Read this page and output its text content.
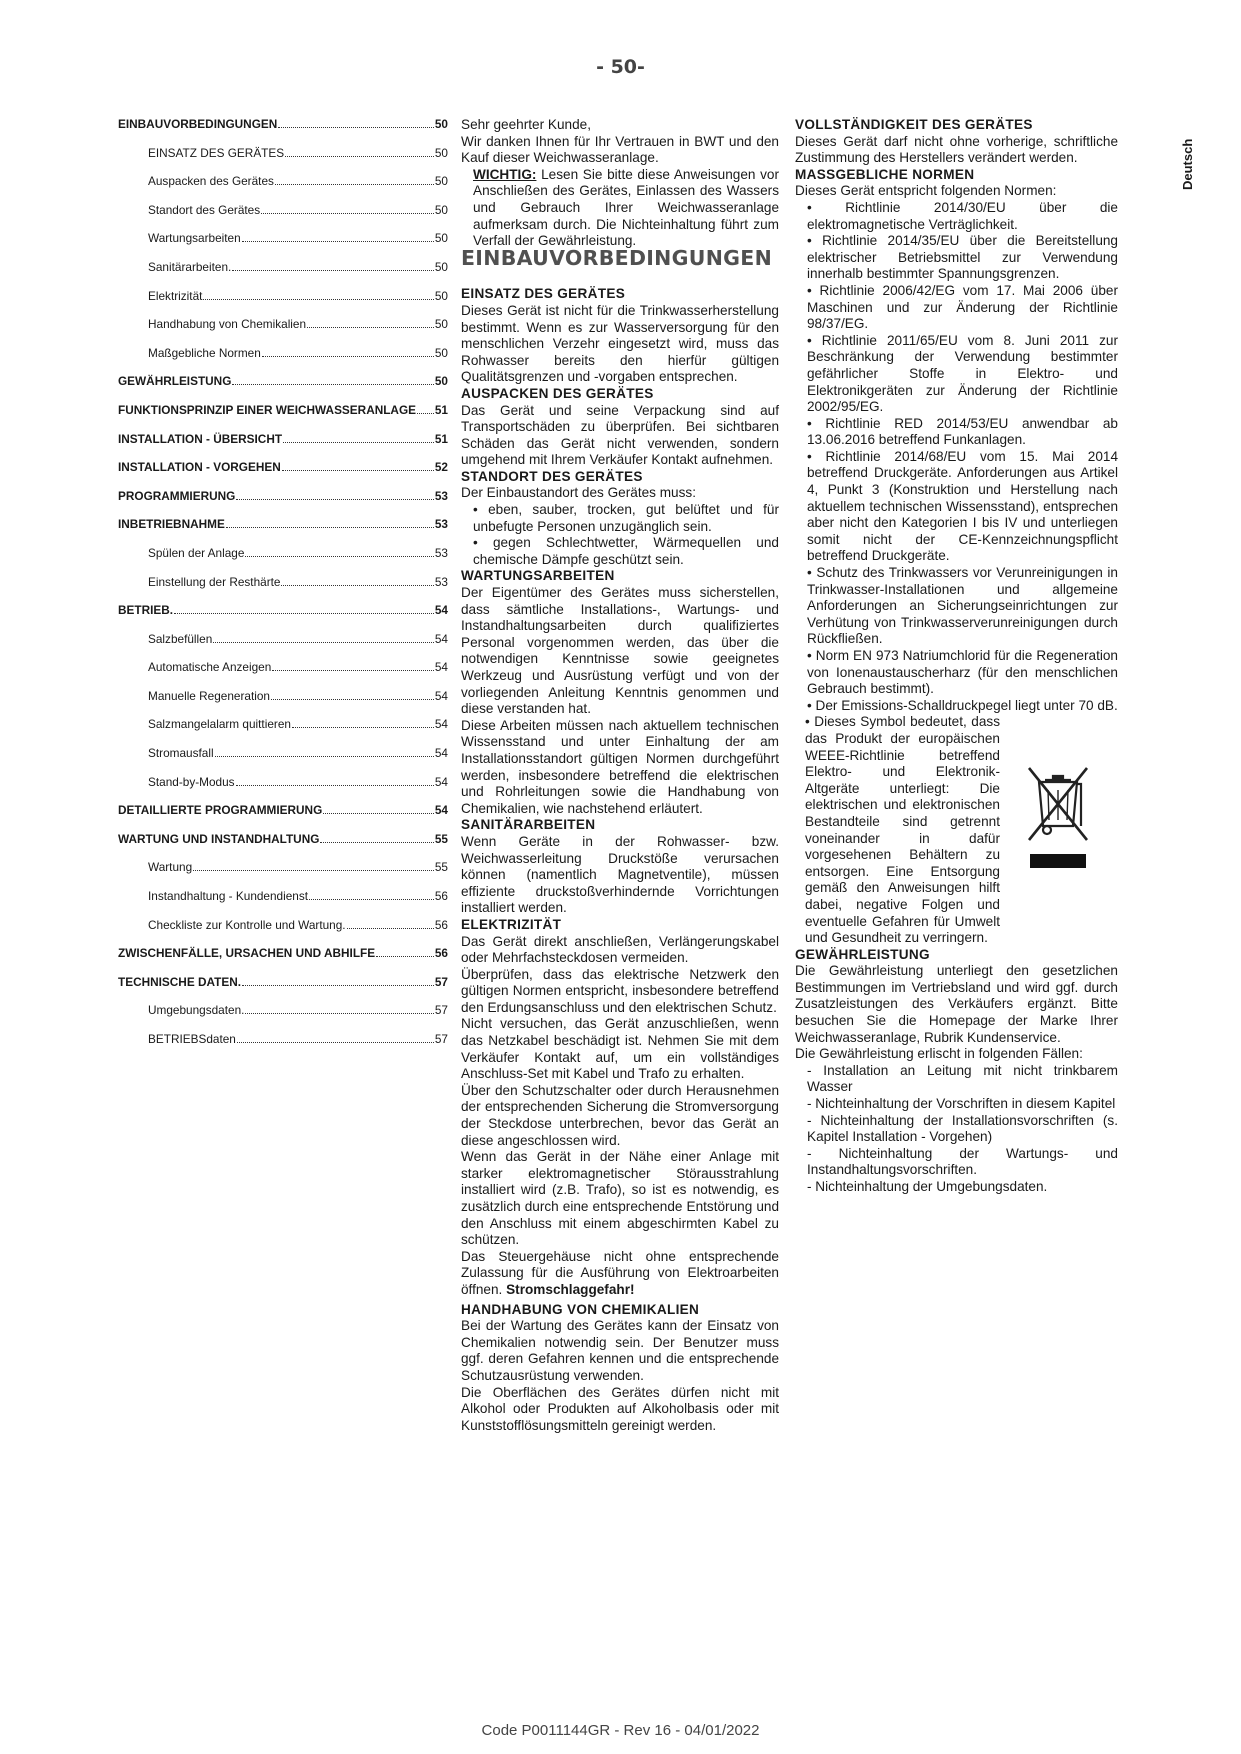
- 50-
Deutsch
EINBAUVORBEDINGUNGEN	50
EINSATZ DES GERÄTES	50
Auspacken des Gerätes	50
Standort des Gerätes	50
Wartungsarbeiten	50
Sanitärarbeiten.	50
Elektrizität	50
Handhabung von Chemikalien	50
Maßgebliche Normen	50
GEWÄHRLEISTUNG	50
FUNKTIONSPRINZIP EINER WEICHWASSERANLAGE 51
INSTALLATION - ÜBERSICHT	51
INSTALLATION - VORGEHEN	52
PROGRAMMIERUNG	53
INBETRIEBNAHME	53
Spülen der Anlage	53
Einstellung der Resthärte	53
BETRIEB.	54
Salzbefüllen	54
Automatische Anzeigen	54
Manuelle Regeneration	54
Salzmangelalarm quittieren	54
Stromausfall	54
Stand-by-Modus	54
DETAILLIERTE PROGRAMMIERUNG	54
WARTUNG UND INSTANDHALTUNG	55
Wartung	55
Instandhaltung - Kundendienst	56
Checkliste zur Kontrolle und Wartung.	56
ZWISCHENFÄLLE, URSACHEN UND ABHILFE	56
TECHNISCHE DATEN.	57
Umgebungsdaten.	57
BETRIEBSdaten	57

Sehr geehrter Kunde,

Wir danken Ihnen für Ihr Vertrauen in BWT und den Kauf dieser Weichwasseranlage.

WICHTIG: Lesen Sie bitte diese Anweisungen vor Anschließen des Gerätes, Einlassen des Wassers und Gebrauch Ihrer Weichwasseranlage aufmerksam durch. Die Nichteinhaltung führt zum Verfall der Gewährleistung.

EINBAUVORBEDINGUNGEN

EINSATZ DES GERÄTES

Dieses Gerät ist nicht für die Trinkwasserherstellung bestimmt. Wenn es zur Wasserversorgung für den menschlichen Verzehr eingesetzt wird, muss das Rohwasser bereits den hierfür gültigen Qualitätsgrenzen und -vorgaben entsprechen.

AUSPACKEN DES GERÄTES

Das Gerät und seine Verpackung sind auf Transportschäden zu überprüfen. Bei sichtbaren Schäden das Gerät nicht verwenden, sondern umgehend mit Ihrem Verkäufer Kontakt aufnehmen.

STANDORT DES GERÄTES

Der Einbaustandort des Gerätes muss:

• eben, sauber, trocken, gut belüftet und für unbefugte Personen unzugänglich sein.

• gegen Schlechtwetter, Wärmequellen und chemische Dämpfe geschützt sein.

WARTUNGSARBEITEN

Der Eigentümer des Gerätes muss sicherstellen, dass sämtliche Installations-, Wartungs- und Instandhaltungsarbeiten durch qualifiziertes Personal vorgenommen werden, das über die notwendigen Kenntnisse sowie geeignetes Werkzeug und Ausrüstung verfügt und von der vorliegenden Anleitung Kenntnis genommen und diese verstanden hat.

Diese Arbeiten müssen nach aktuellem technischen Wissensstand und unter Einhaltung der am Installationsstandort gültigen Normen durchgeführt werden, insbesondere betreffend die elektrischen und Rohrleitungen sowie die Handhabung von Chemikalien, wie nachstehend erläutert.

SANITÄRARBEITEN

Wenn Geräte in der Rohwasser- bzw. Weichwasserleitung Druckstöße verursachen können (namentlich Magnetventile), müssen effiziente druckstoßverhindernde Vorrichtungen installiert werden.

ELEKTRIZITÄT

Das Gerät direkt anschließen, Verlängerungskabel oder Mehrfachsteckdosen vermeiden.

Überprüfen, dass das elektrische Netzwerk den gültigen Normen entspricht, insbesondere betreffend den Erdungsanschluss und den elektrischen Schutz.

Nicht versuchen, das Gerät anzuschließen, wenn das Netzkabel beschädigt ist. Nehmen Sie mit dem Verkäufer Kontakt auf, um ein vollständiges Anschluss-Set mit Kabel und Trafo zu erhalten.

Über den Schutzschalter oder durch Herausnehmen der entsprechenden Sicherung die Stromversorgung der Steckdose unterbrechen, bevor das Gerät an diese angeschlossen wird.

Wenn das Gerät in der Nähe einer Anlage mit starker elektromagnetischer Störausstrahlung installiert wird (z.B. Trafo), so ist es notwendig, es zusätzlich durch eine entsprechende Entstörung und den Anschluss mit einem abgeschirmten Kabel zu schützen.

Das Steuergehäuse nicht ohne entsprechende Zulassung für die Ausführung von Elektroarbeiten öffnen. Stromschlaggefahr!

HANDHABUNG VON CHEMIKALIEN

Bei der Wartung des Gerätes kann der Einsatz von Chemikalien notwendig sein. Der Benutzer muss ggf. deren Gefahren kennen und die entsprechende Schutzausrüstung verwenden.

Die Oberflächen des Gerätes dürfen nicht mit Alkohol oder Produkten auf Alkoholbasis oder mit Kunststofflösungsmitteln gereinigt werden.

VOLLSTÄNDIGKEIT DES GERÄTES

Dieses Gerät darf nicht ohne vorherige, schriftliche Zustimmung des Herstellers verändert werden.

MASSGEBLICHE NORMEN

Dieses Gerät entspricht folgenden Normen:

• Richtlinie 2014/30/EU über die elektromagnetische Verträglichkeit.

• Richtlinie 2014/35/EU über die Bereitstellung elektrischer Betriebsmittel zur Verwendung innerhalb bestimmter Spannungsgrenzen.

• Richtlinie 2006/42/EG vom 17. Mai 2006 über Maschinen und zur Änderung der Richtlinie 98/37/EG.

• Richtlinie 2011/65/EU vom 8. Juni 2011 zur Beschränkung der Verwendung bestimmter gefährlicher Stoffe in Elektro- und Elektronikgeräten zur Änderung der Richtlinie 2002/95/EG.

• Richtlinie RED 2014/53/EU anwendbar ab 13.06.2016 betreffend Funkanlagen.

• Richtlinie 2014/68/EU vom 15. Mai 2014 betreffend Druckgeräte. Anforderungen aus Artikel 4, Punkt 3 (Konstruktion und Herstellung nach aktuellem technischen Wissensstand), entsprechen aber nicht den Kategorien I bis IV und unterliegen somit nicht der CE-Kennzeichnungspflicht betreffend Druckgeräte.

• Schutz des Trinkwassers vor Verunreinigungen in Trinkwasser-Installationen und allgemeine Anforderungen an Sicherungseinrichtungen zur Verhütung von Trinkwasserverunreinigungen durch Rückfließen.

• Norm EN 973 Natriumchlorid für die Regeneration von Ionenaustauscherharz (für den menschlichen Gebrauch bestimmt).

• Der Emissions-Schalldruckpegel liegt unter 70 dB.

• Dieses Symbol bedeutet, dass das Produkt der europäischen WEEE-Richtlinie betreffend Elektro- und Elektronik-Altgeräte unterliegt: Die elektrischen und elektronischen Bestandteile sind getrennt voneinander in dafür vorgesehenen Behältern zu entsorgen. Eine Entsorgung gemäß den Anweisungen hilft dabei, negative Folgen und eventuelle Gefahren für Umwelt und Gesundheit zu verringern.

GEWÄHRLEISTUNG

Die Gewährleistung unterliegt den gesetzlichen Bestimmungen im Vertriebsland und wird ggf. durch Zusatzleistungen des Verkäufers ergänzt. Bitte besuchen Sie die Homepage der Marke Ihrer Weichwasseranlage, Rubrik Kundenservice.

Die Gewährleistung erlischt in folgenden Fällen:

- Installation an Leitung mit nicht trinkbarem Wasser

- Nichteinhaltung der Vorschriften in diesem Kapitel

- Nichteinhaltung der Installationsvorschriften (s. Kapitel Installation - Vorgehen)

- Nichteinhaltung der Wartungs- und Instandhaltungsvorschriften.

- Nichteinhaltung der Umgebungsdaten.

Code P0011144GR - Rev 16 - 04/01/2022
